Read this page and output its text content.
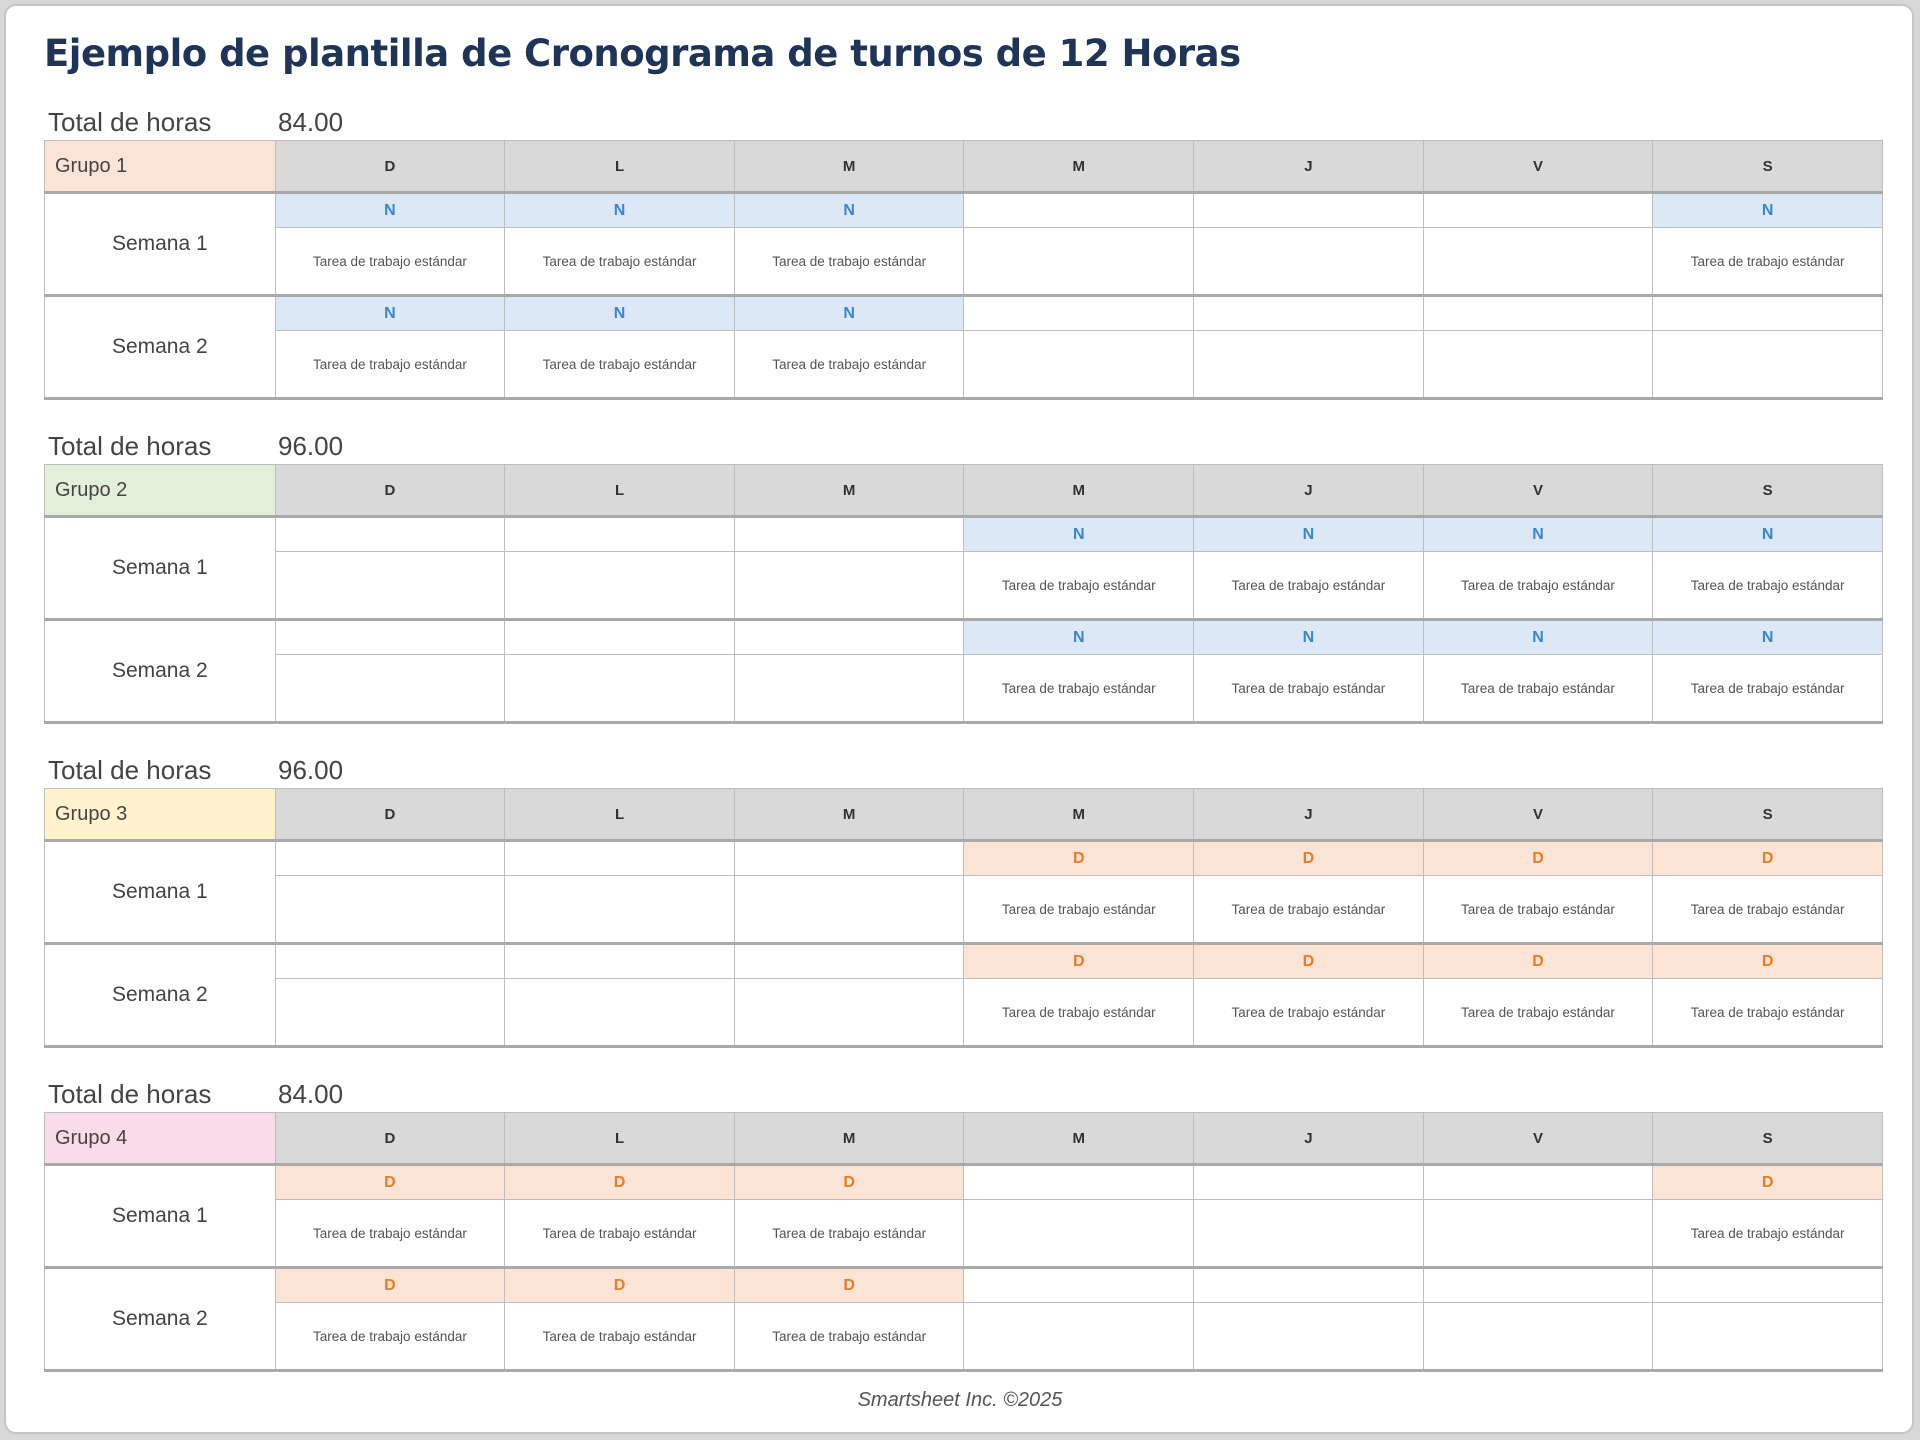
Ejemplo de plantilla de Cronograma de turnos de 12 Horas
Total de horas	84.00
Grupo 1	D	L	M	M	J	V	S
Semana 1	N	N	N				N
	Tarea de trabajo estándar	Tarea de trabajo estándar	Tarea de trabajo estándar				Tarea de trabajo estándar
Semana 2	N	N	N				
	Tarea de trabajo estándar	Tarea de trabajo estándar	Tarea de trabajo estándar				
Total de horas	96.00
Grupo 2	D	L	M	M	J	V	S
Semana 1				N	N	N	N
				Tarea de trabajo estándar	Tarea de trabajo estándar	Tarea de trabajo estándar	Tarea de trabajo estándar
Semana 2				N	N	N	N
				Tarea de trabajo estándar	Tarea de trabajo estándar	Tarea de trabajo estándar	Tarea de trabajo estándar
Total de horas	96.00
Grupo 3	D	L	M	M	J	V	S
Semana 1				D	D	D	D
				Tarea de trabajo estándar	Tarea de trabajo estándar	Tarea de trabajo estándar	Tarea de trabajo estándar
Semana 2				D	D	D	D
				Tarea de trabajo estándar	Tarea de trabajo estándar	Tarea de trabajo estándar	Tarea de trabajo estándar
Total de horas	84.00
Grupo 4	D	L	M	M	J	V	S
Semana 1	D	D	D				D
	Tarea de trabajo estándar	Tarea de trabajo estándar	Tarea de trabajo estándar				Tarea de trabajo estándar
Semana 2	D	D	D				
	Tarea de trabajo estándar	Tarea de trabajo estándar	Tarea de trabajo estándar				
Smartsheet Inc. ©2025
